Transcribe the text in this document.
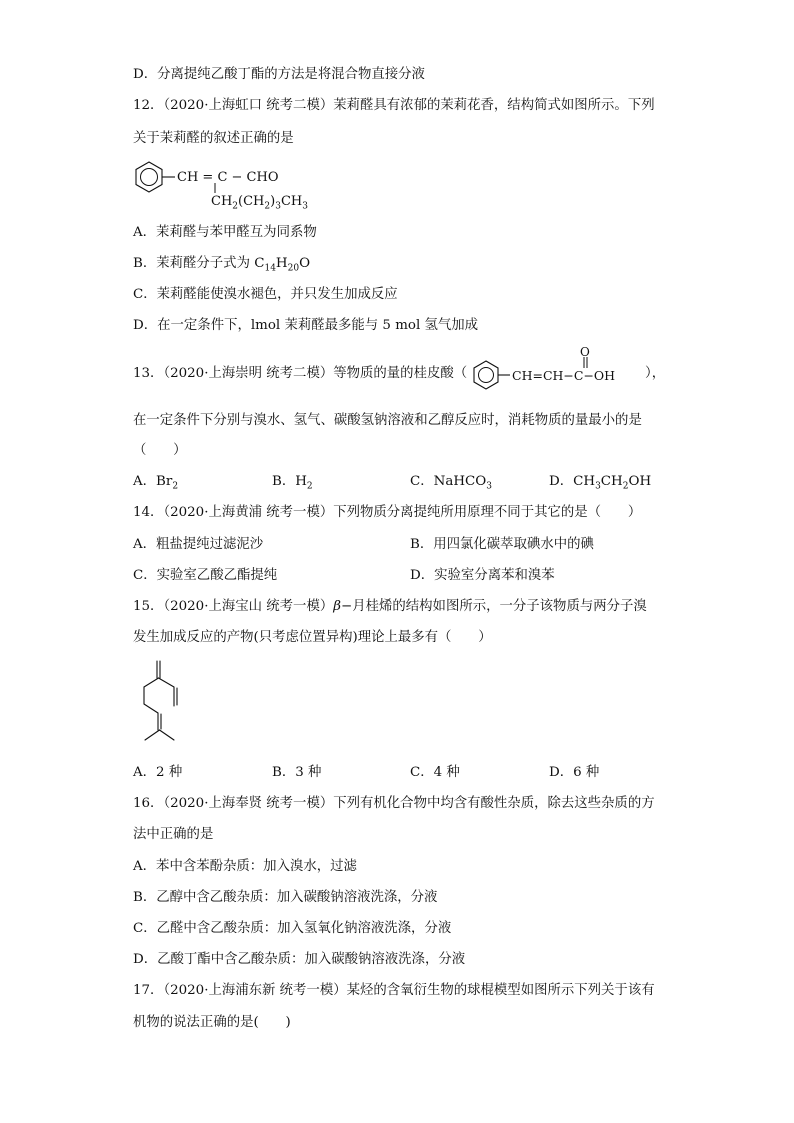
D．分离提纯乙酸丁酯的方法是将混合物直接分液
12．（2020·上海虹口 统考二模）茉莉醛具有浓郁的茉莉花香，结构简式如图所示。下列
关于茉莉醛的叙述正确的是
CH = C − CHO
$CH_2(CH_2)_3CH_3$
A．茉莉醛与苯甲醛互为同系物
B．茉莉醛分子式为 $C_{14}H_{20}O$
C．茉莉醛能使溴水褪色，并只发生加成反应
D．在一定条件下，lmol 茉莉醛最多能与 5 mol 氢气加成
13．（2020·上海崇明 统考二模）等物质的量的桂皮酸（
O
CH=CH−C−OH ），
在一定条件下分别与溴水、氢气、碳酸氢钠溶液和乙醇反应时，消耗物质的量最小的是
（　　）
A．$Br_2$	B．$H_2$	C．NaHCO$_3$	D．$CH_3CH_2OH$
14．（2020·上海黄浦 统考一模）下列物质分离提纯所用原理不同于其它的是（　　）
A．粗盐提纯过滤泥沙	B．用四氯化碳萃取碘水中的碘
C．实验室乙酸乙酯提纯	D．实验室分离苯和溴苯
15．（2020·上海宝山 统考一模）β−月桂烯的结构如图所示，一分子该物质与两分子溴
发生加成反应的产物(只考虑位置异构)理论上最多有（　　）
A．2 种	B．3 种	C．4 种	D．6 种
16．（2020·上海奉贤 统考一模）下列有机化合物中均含有酸性杂质，除去这些杂质的方
法中正确的是
A．苯中含苯酚杂质：加入溴水，过滤
B．乙醇中含乙酸杂质：加入碳酸钠溶液洗涤，分液
C．乙醛中含乙酸杂质：加入氢氧化钠溶液洗涤，分液
D．乙酸丁酯中含乙酸杂质：加入碳酸钠溶液洗涤，分液
17．（2020·上海浦东新 统考一模）某烃的含氧衍生物的球棍模型如图所示下列关于该有
机物的说法正确的是(　　)
